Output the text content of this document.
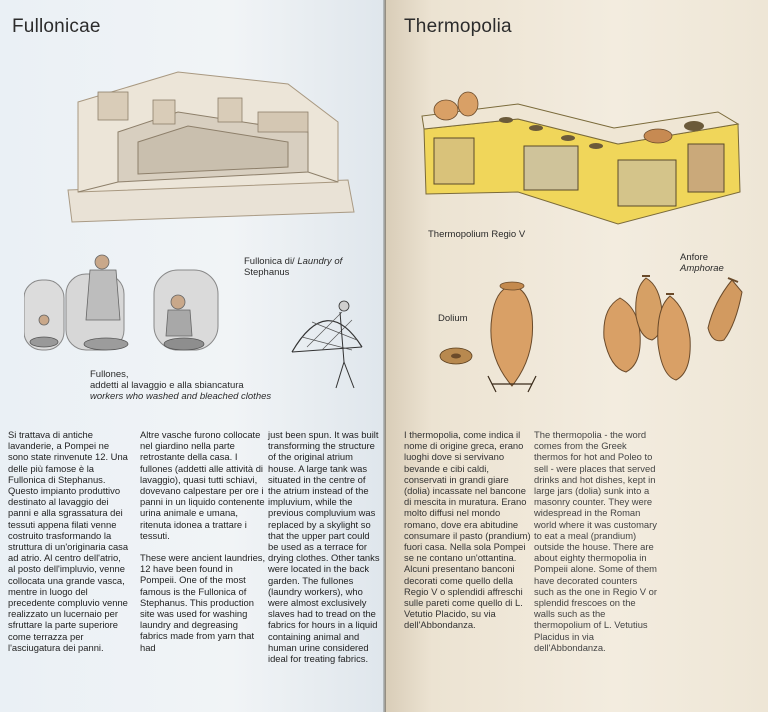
Fullonicae
Fullonica di/ Laundry of
Stephanus
Fullones,
addetti al lavaggio e alla sbiancatura
workers who washed and bleached clothes

Si trattava di antiche lavanderie, a Pompei ne sono state rinvenute 12. Una delle più famose è la Fullonica di Stephanus. Questo impianto produttivo destinato al lavaggio dei panni e alla sgrassatura dei tessuti appena filati venne costruito trasformando la struttura di un'originaria casa ad atrio. Al centro dell'atrio, al posto dell'impluvio, venne collocata una grande vasca, mentre in luogo del precedente compluvio venne realizzato un lucernaio per sfruttare la parte superiore come terrazza per l'asciugatura dei panni.

Altre vasche furono collocate nel giardino nella parte retrostante della casa. I fullones (addetti alle attività di lavaggio), quasi tutti schiavi, dovevano calpestare per ore i panni in un liquido contenente urina animale e umana, ritenuta idonea a trattare i tessuti.

These were ancient laundries, 12 have been found in Pompeii. One of the most famous is the Fullonica of Stephanus. This production site was used for washing laundry and degreasing fabrics made from yarn that had

just been spun. It was built transforming the structure of the original atrium house. A large tank was situated in the centre of the atrium instead of the impluvium, while the previous compluvium was replaced by a skylight so that the upper part could be used as a terrace for drying clothes. Other tanks were located in the back garden. The fullones (laundry workers), who were almost exclusively slaves had to tread on the fabrics for hours in a liquid containing animal and human urine considered ideal for treating fabrics.

Thermopolia
Thermopolium Regio V
Anfore
Amphorae
Dolium

I thermopolia, come indica il nome di origine greca, erano luoghi dove si servivano bevande e cibi caldi, conservati in grandi giare (dolia) incassate nel bancone di mescita in muratura. Erano molto diffusi nel mondo romano, dove era abitudine consumare il pasto (prandium) fuori casa. Nella sola Pompei se ne contano un'ottantina. Alcuni presentano banconi decorati come quello della Regio V o splendidi affreschi sulle pareti come quello di L. Vetutio Placido, su via dell'Abbondanza.

The thermopolia - the word comes from the Greek thermos for hot and Poleo to sell - were places that served drinks and hot dishes, kept in large jars (dolia) sunk into a masonry counter. They were widespread in the Roman world where it was customary to eat a meal (prandium) outside the house. There are about eighty thermopolia in Pompeii alone. Some of them have decorated counters such as the one in Regio V or splendid frescoes on the walls such as the thermopolium of L. Vetutius Placidus in via dell'Abbondanza.
